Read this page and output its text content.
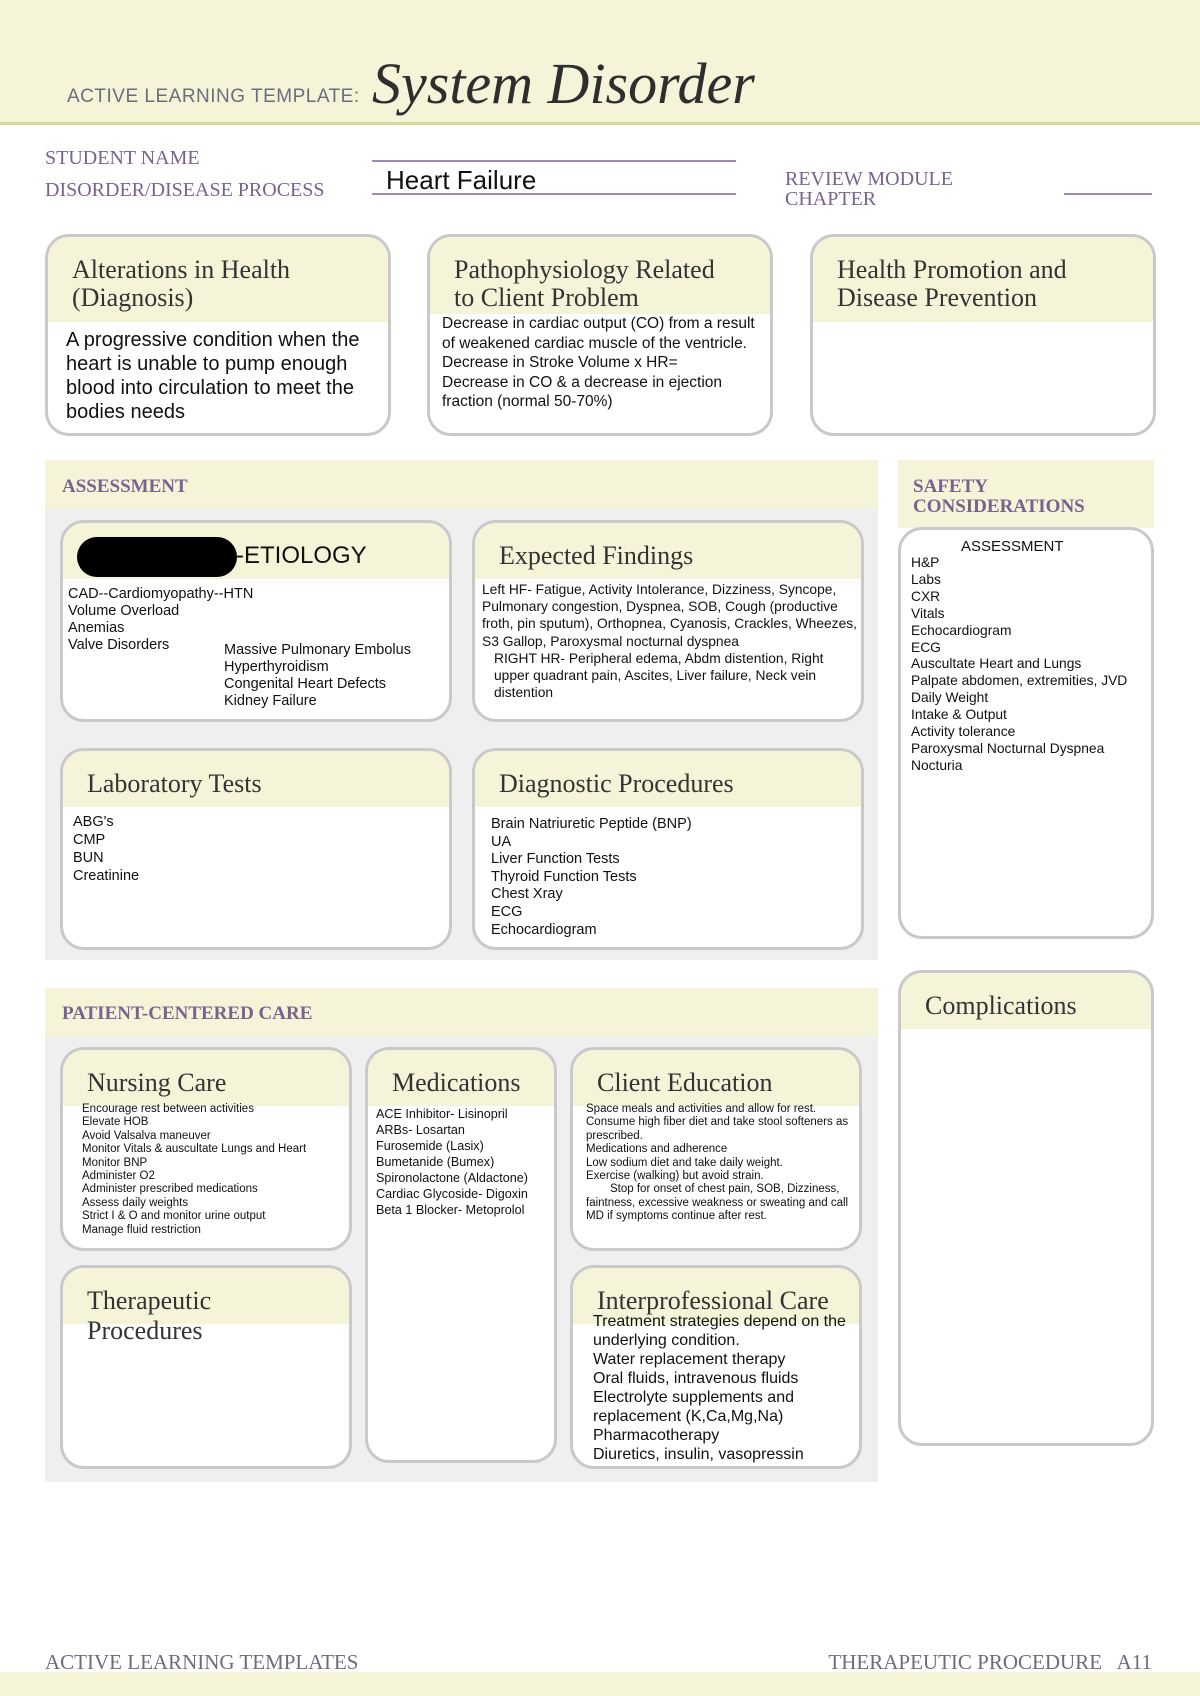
ACTIVE LEARNING TEMPLATE: System Disorder
STUDENT NAME
DISORDER/DISEASE PROCESS Heart Failure	REVIEW MODULE
CHAPTER
Alterations in Health
(Diagnosis)
A progressive condition when the heart is unable to pump enough blood into circulation to meet the bodies needs
Pathophysiology Related
to Client Problem
Decrease in cardiac output (CO) from a result of weakened cardiac muscle of the ventricle.
Decrease in Stroke Volume x HR=
Decrease in CO & a decrease in ejection fraction (normal 50-70%)
Health Promotion and
Disease Prevention
ASSESSMENT
-ETIOLOGY
CAD--Cardiomyopathy--HTN
Volume Overload
Anemias
Valve Disorders	Massive Pulmonary Embolus
Hyperthyroidism
Congenital Heart Defects
Kidney Failure
Expected Findings
Left HF- Fatigue, Activity Intolerance, Dizziness, Syncope, Pulmonary congestion, Dyspnea, SOB, Cough (productive froth, pin sputum), Orthopnea, Cyanosis, Crackles, Wheezes, S3 Gallop, Paroxysmal nocturnal dyspnea
RIGHT HR- Peripheral edema, Abdm distention, Right upper quadrant pain, Ascites, Liver failure, Neck vein distention
Laboratory Tests
ABG's
CMP
BUN
Creatinine
Diagnostic Procedures
Brain Natriuretic Peptide (BNP)
UA
Liver Function Tests
Thyroid Function Tests
Chest Xray
ECG
Echocardiogram
SAFETY
CONSIDERATIONS
ASSESSMENT
H&P
Labs
CXR
Vitals
Echocardiogram
ECG
Auscultate Heart and Lungs
Palpate abdomen, extremities, JVD
Daily Weight
Intake & Output
Activity tolerance
Paroxysmal Nocturnal Dyspnea
Nocturia
PATIENT-CENTERED CARE
Nursing Care
Encourage rest between activities
Elevate HOB
Avoid Valsalva maneuver
Monitor Vitals & auscultate Lungs and Heart
Monitor BNP
Administer O2
Administer prescribed medications
Assess daily weights
Strict I & O and monitor urine output
Manage fluid restriction
Medications
ACE Inhibitor- Lisinopril
ARBs- Losartan
Furosemide (Lasix)
Bumetanide (Bumex)
Spironolactone (Aldactone)
Cardiac Glycoside- Digoxin
Beta 1 Blocker- Metoprolol
Client Education
Space meals and activities and allow for rest.
Consume high fiber diet and take stool softeners as prescribed.
Medications and adherence
Low sodium diet and take daily weight.
Exercise (walking) but avoid strain.
Stop for onset of chest pain, SOB, Dizziness, faintness, excessive weakness or sweating and call MD if symptoms continue after rest.
Therapeutic Procedures
Interprofessional Care
Treatment strategies depend on the underlying condition.
Water replacement therapy
Oral fluids, intravenous fluids
Electrolyte supplements and replacement (K,Ca,Mg,Na)
Pharmacotherapy
Diuretics, insulin, vasopressin
Complications
ACTIVE LEARNING TEMPLATES	THERAPEUTIC PROCEDURE   A11
